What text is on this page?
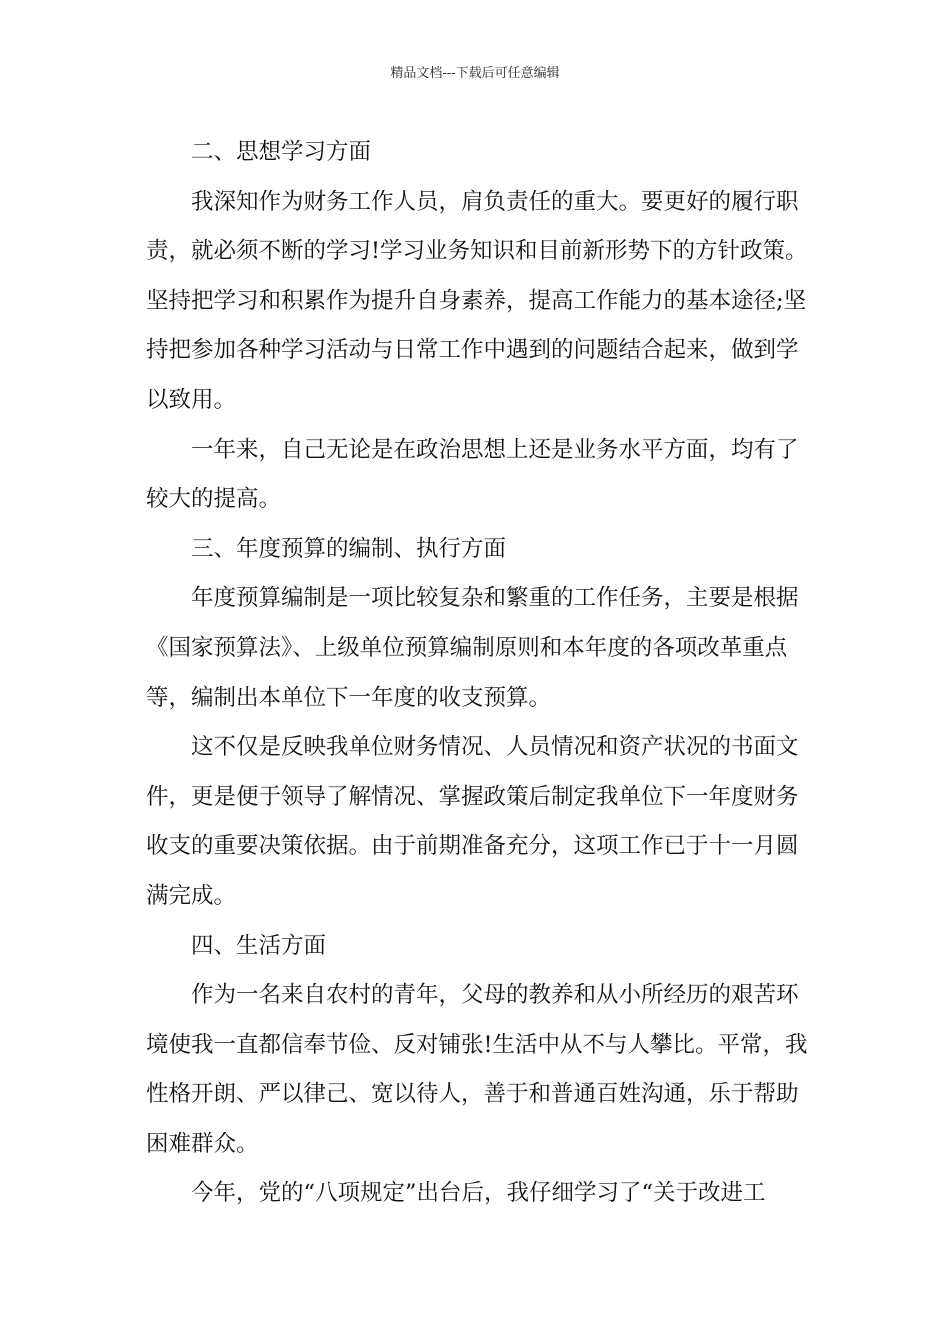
精品文档---下载后可任意编辑
二、思想学习方面
我深知作为财务工作人员，肩负责任的重大。要更好的履行职
责，就必须不断的学习!学习业务知识和目前新形势下的方针政策。
坚持把学习和积累作为提升自身素养，提高工作能力的基本途径;坚
持把参加各种学习活动与日常工作中遇到的问题结合起来，做到学
以致用。
一年来，自己无论是在政治思想上还是业务水平方面，均有了
较大的提高。
三、年度预算的编制、执行方面
年度预算编制是一项比较复杂和繁重的工作任务，主要是根据
《国家预算法》、上级单位预算编制原则和本年度的各项改革重点
等，编制出本单位下一年度的收支预算。
这不仅是反映我单位财务情况、人员情况和资产状况的书面文
件，更是便于领导了解情况、掌握政策后制定我单位下一年度财务
收支的重要决策依据。由于前期准备充分，这项工作已于十一月圆
满完成。
四、生活方面
作为一名来自农村的青年，父母的教养和从小所经历的艰苦环
境使我一直都信奉节俭、反对铺张!生活中从不与人攀比。平常，我
性格开朗、严以律己、宽以待人，善于和普通百姓沟通，乐于帮助
困难群众。
今年，党的“八项规定”出台后，我仔细学习了“关于改进工
